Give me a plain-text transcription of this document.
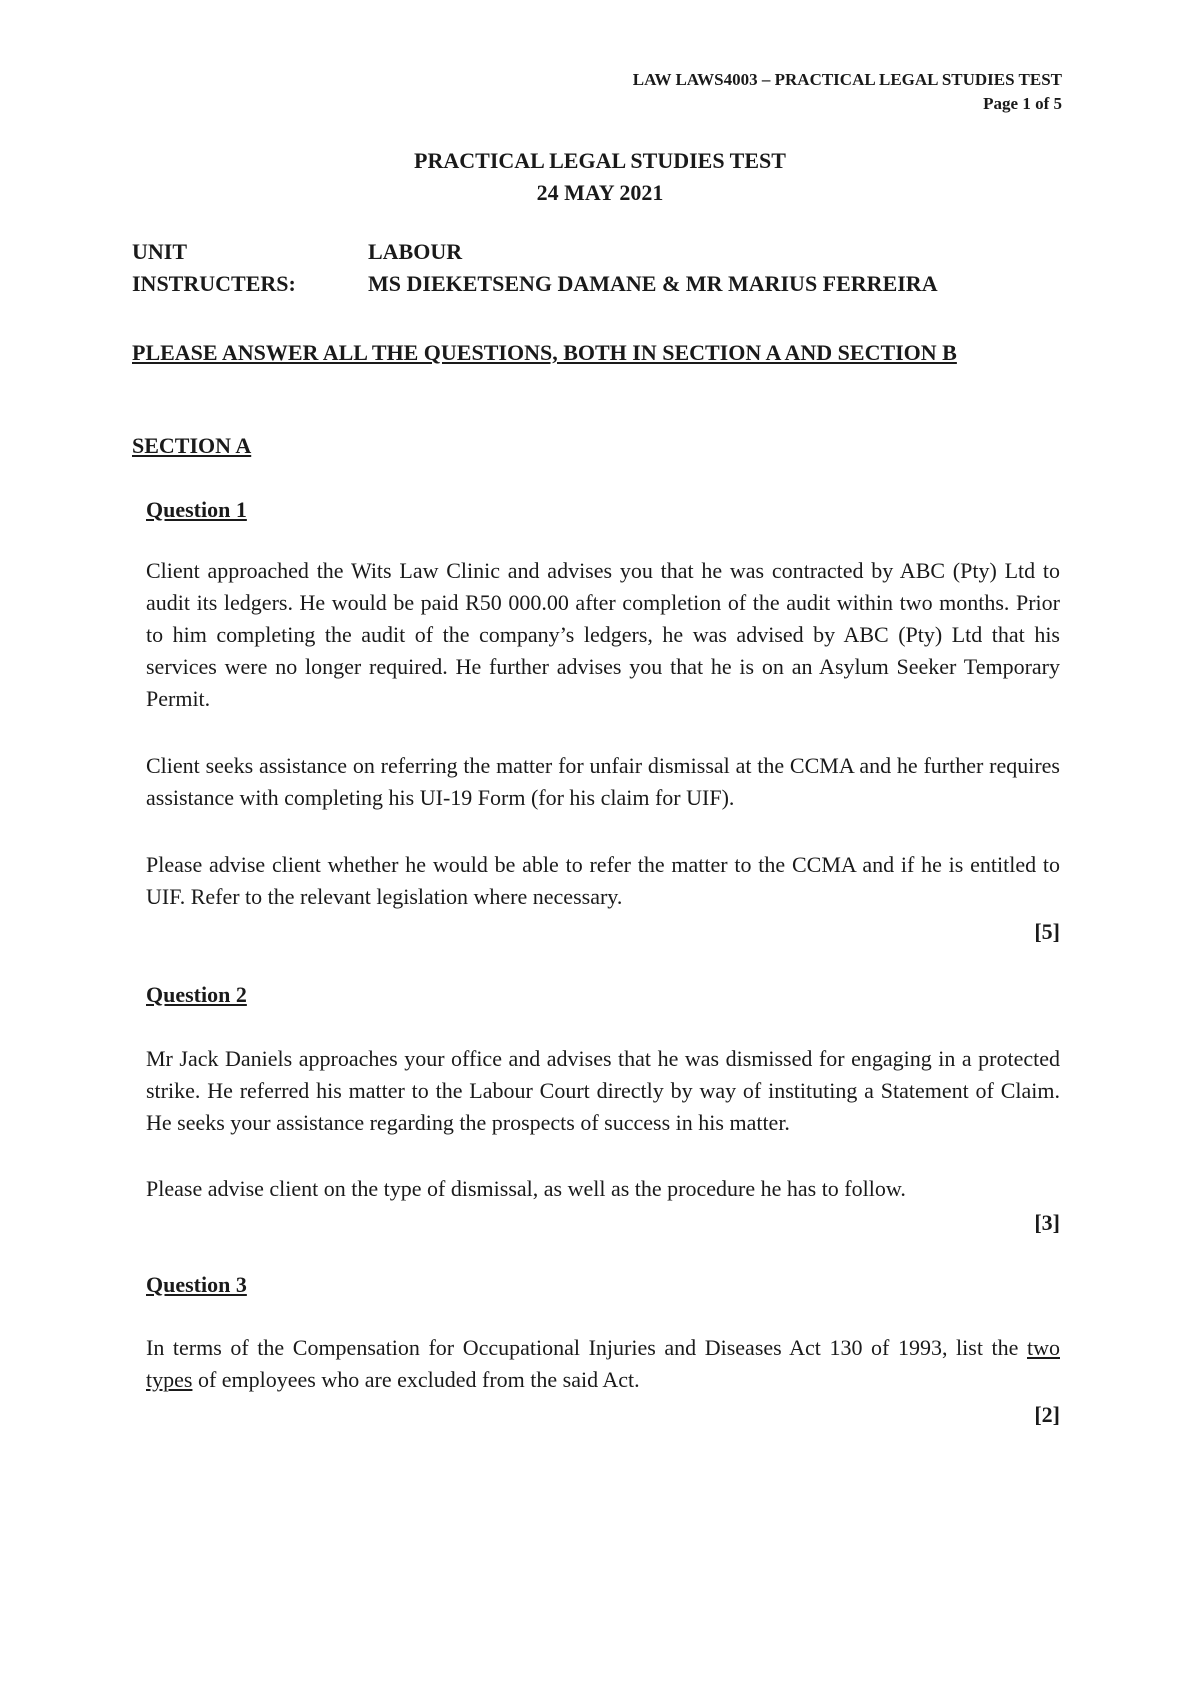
LAW LAWS4003 – PRACTICAL LEGAL STUDIES TEST
Page 1 of 5
PRACTICAL LEGAL STUDIES TEST
24 MAY 2021
UNIT	LABOUR
INSTRUCTERS:	MS DIEKETSENG DAMANE & MR MARIUS FERREIRA
PLEASE ANSWER ALL THE QUESTIONS, BOTH IN SECTION A AND SECTION B
SECTION A
Question 1
Client approached the Wits Law Clinic and advises you that he was contracted by ABC (Pty) Ltd to audit its ledgers. He would be paid R50 000.00 after completion of the audit within two months. Prior to him completing the audit of the company’s ledgers, he was advised by ABC (Pty) Ltd that his services were no longer required. He further advises you that he is on an Asylum Seeker Temporary Permit.
Client seeks assistance on referring the matter for unfair dismissal at the CCMA and he further requires assistance with completing his UI-19 Form (for his claim for UIF).
Please advise client whether he would be able to refer the matter to the CCMA and if he is entitled to UIF. Refer to the relevant legislation where necessary.
[5]
Question 2
Mr Jack Daniels approaches your office and advises that he was dismissed for engaging in a protected strike. He referred his matter to the Labour Court directly by way of instituting a Statement of Claim. He seeks your assistance regarding the prospects of success in his matter.
Please advise client on the type of dismissal, as well as the procedure he has to follow.
[3]
Question 3
In terms of the Compensation for Occupational Injuries and Diseases Act 130 of 1993, list the two types of employees who are excluded from the said Act.
[2]
